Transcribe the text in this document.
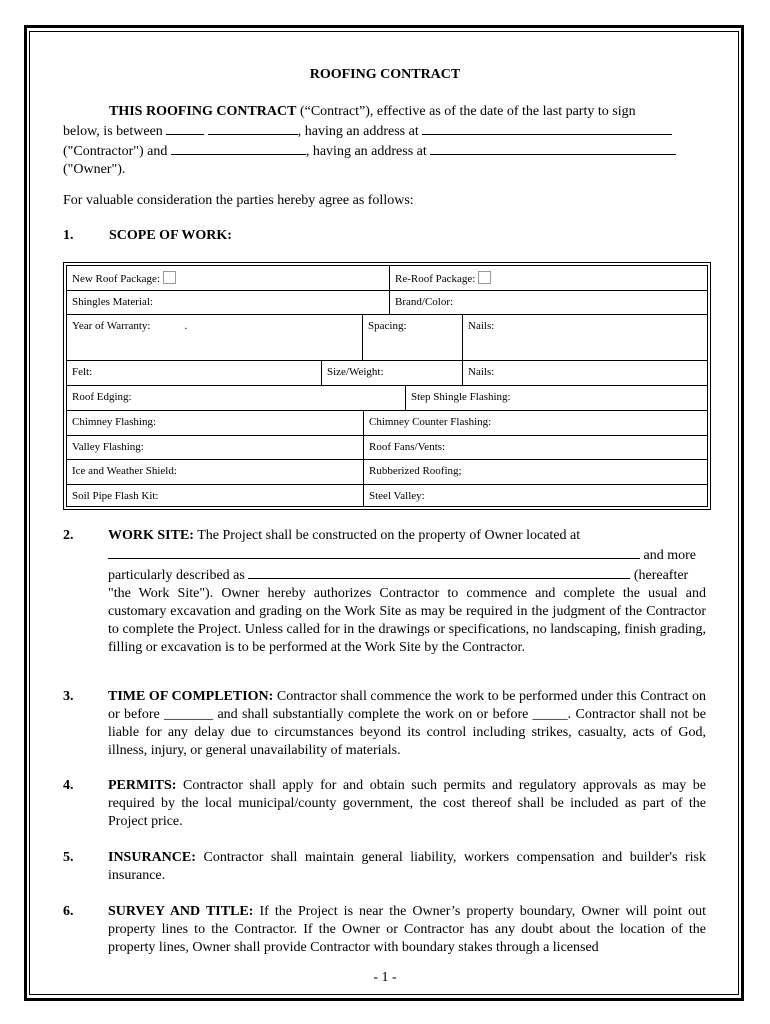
ROOFING CONTRACT
THIS ROOFING CONTRACT (“Contract”), effective as of the date of the last party to sign
below, is between	, having an address at
("Contractor") and	, having an address at
("Owner").
For valuable consideration the parties hereby agree as follows:
1.	SCOPE OF WORK:
New Roof Package:	Re-Roof Package:
Shingles Material:	Brand/Color:
Year of Warranty:	.	Spacing:	Nails:
Felt:	Size/Weight:	Nails:
Roof Edging:	Step Shingle Flashing:
Chimney Flashing:	Chimney Counter Flashing:
Valley Flashing:	Roof Fans/Vents:
Ice and Weather Shield:	Rubberized Roofing;
Soil Pipe Flash Kit:	Steel Valley:
2. WORK SITE: The Project shall be constructed on the property of Owner located at
and more
particularly described as	(hereafter
"the Work Site"). Owner hereby authorizes Contractor to commence and complete the usual and customary excavation and grading on the Work Site as may be required in the judgment of the Contractor to complete the Project. Unless called for in the drawings or specifications, no landscaping, finish grading, filling or excavation is to be performed at the Work Site by the Contractor.
3. TIME OF COMPLETION: Contractor shall commence the work to be performed under this Contract on or before _______ and shall substantially complete the work on or before _____. Contractor shall not be liable for any delay due to circumstances beyond its control including strikes, casualty, acts of God, illness, injury, or general unavailability of materials.
4. PERMITS: Contractor shall apply for and obtain such permits and regulatory approvals as may be required by the local municipal/county government, the cost thereof shall be included as part of the Project price.
5. INSURANCE: Contractor shall maintain general liability, workers compensation and builder's risk insurance.
6. SURVEY AND TITLE: If the Project is near the Owner’s property boundary, Owner will point out property lines to the Contractor. If the Owner or Contractor has any doubt about the location of the property lines, Owner shall provide Contractor with boundary stakes through a licensed
- 1 -
